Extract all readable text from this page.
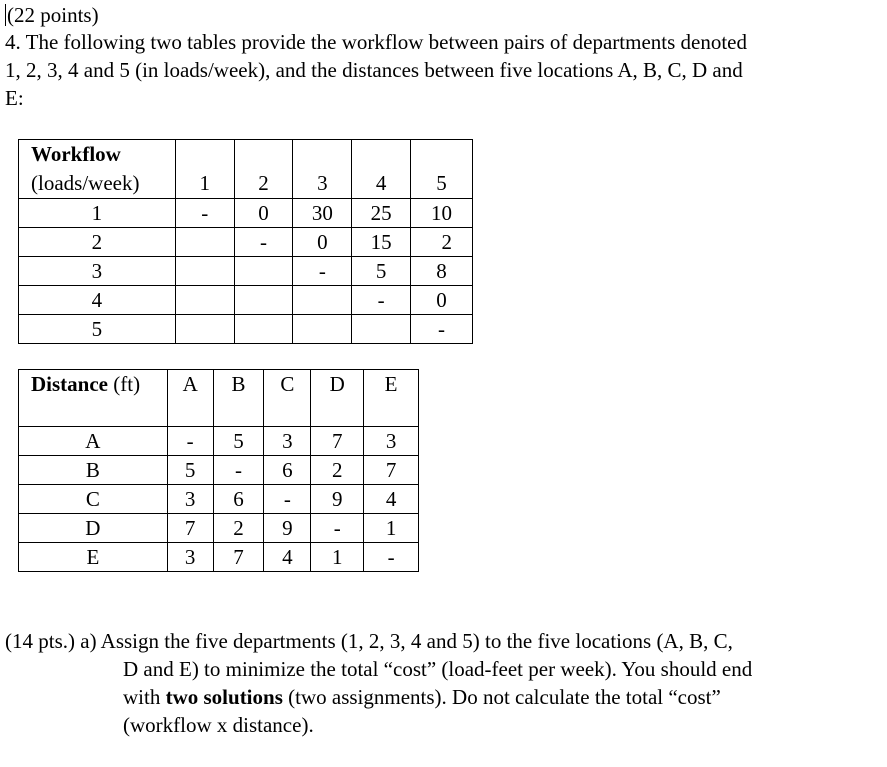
(22 points)
4. The following two tables provide the workflow between pairs of departments denoted
1, 2, 3, 4 and 5 (in loads/week), and the distances between five locations A, B, C, D and
E:
Workflow					
(loads/week)	1	2	3	4	5
1	-	0	30	25	10
2		-	0	15	2
3			-	5	8
4				-	0
5					-
Distance (ft)	A	B	C	D	E

A	-	5	3	7	3
B	5	-	6	2	7
C	3	6	-	9	4
D	7	2	9	-	1
E	3	7	4	1	-
(14 pts.) a) Assign the five departments (1, 2, 3, 4 and 5) to the five locations (A, B, C,
D and E) to minimize the total “cost” (load-feet per week). You should end
with two solutions (two assignments). Do not calculate the total “cost”
(workflow x distance).
